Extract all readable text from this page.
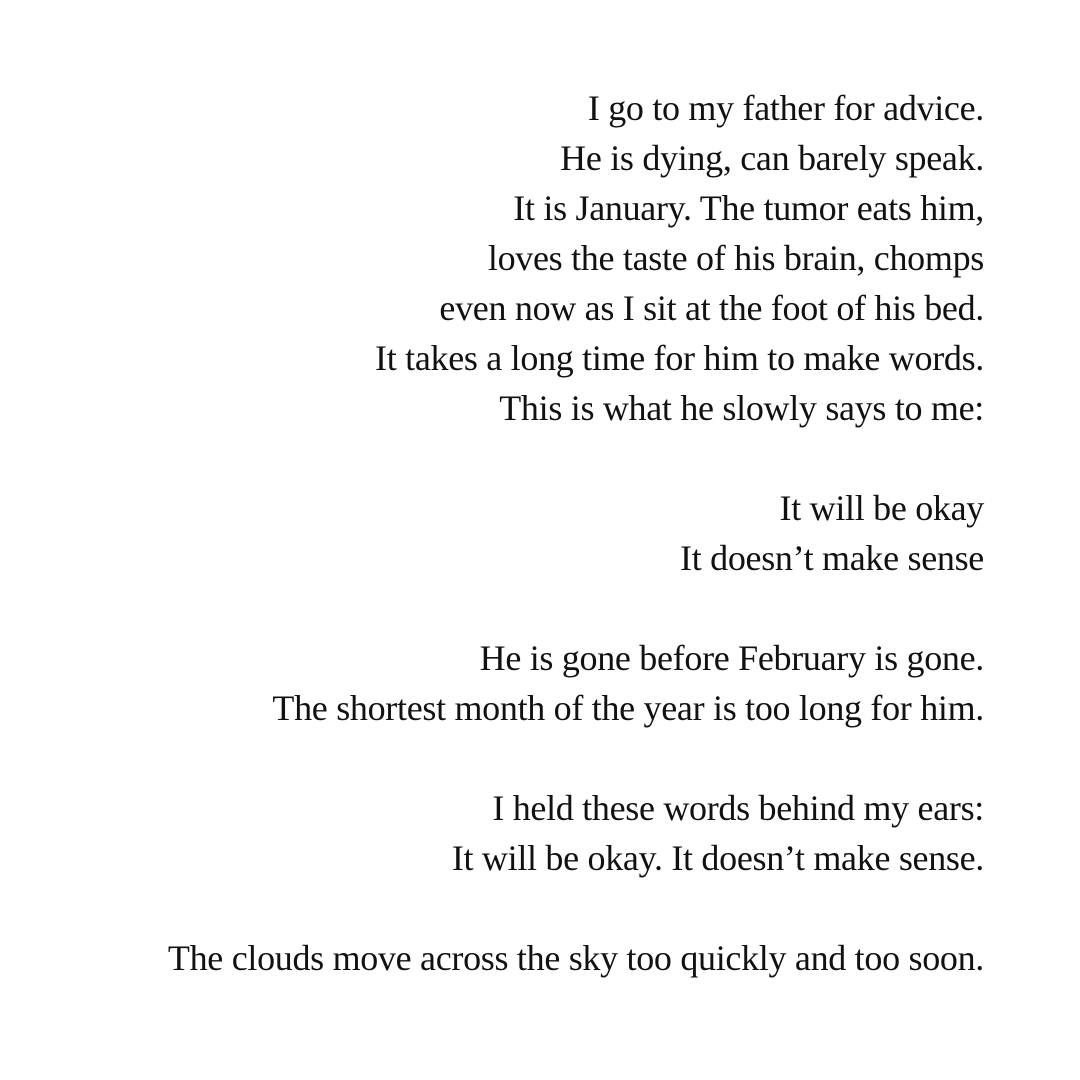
I go to my father for advice.
He is dying, can barely speak.
It is January. The tumor eats him,
loves the taste of his brain, chomps
even now as I sit at the foot of his bed.
It takes a long time for him to make words.
This is what he slowly says to me:
It will be okay
It doesn’t make sense
He is gone before February is gone.
The shortest month of the year is too long for him.
I held these words behind my ears:
It will be okay. It doesn’t make sense.
The clouds move across the sky too quickly and too soon.
